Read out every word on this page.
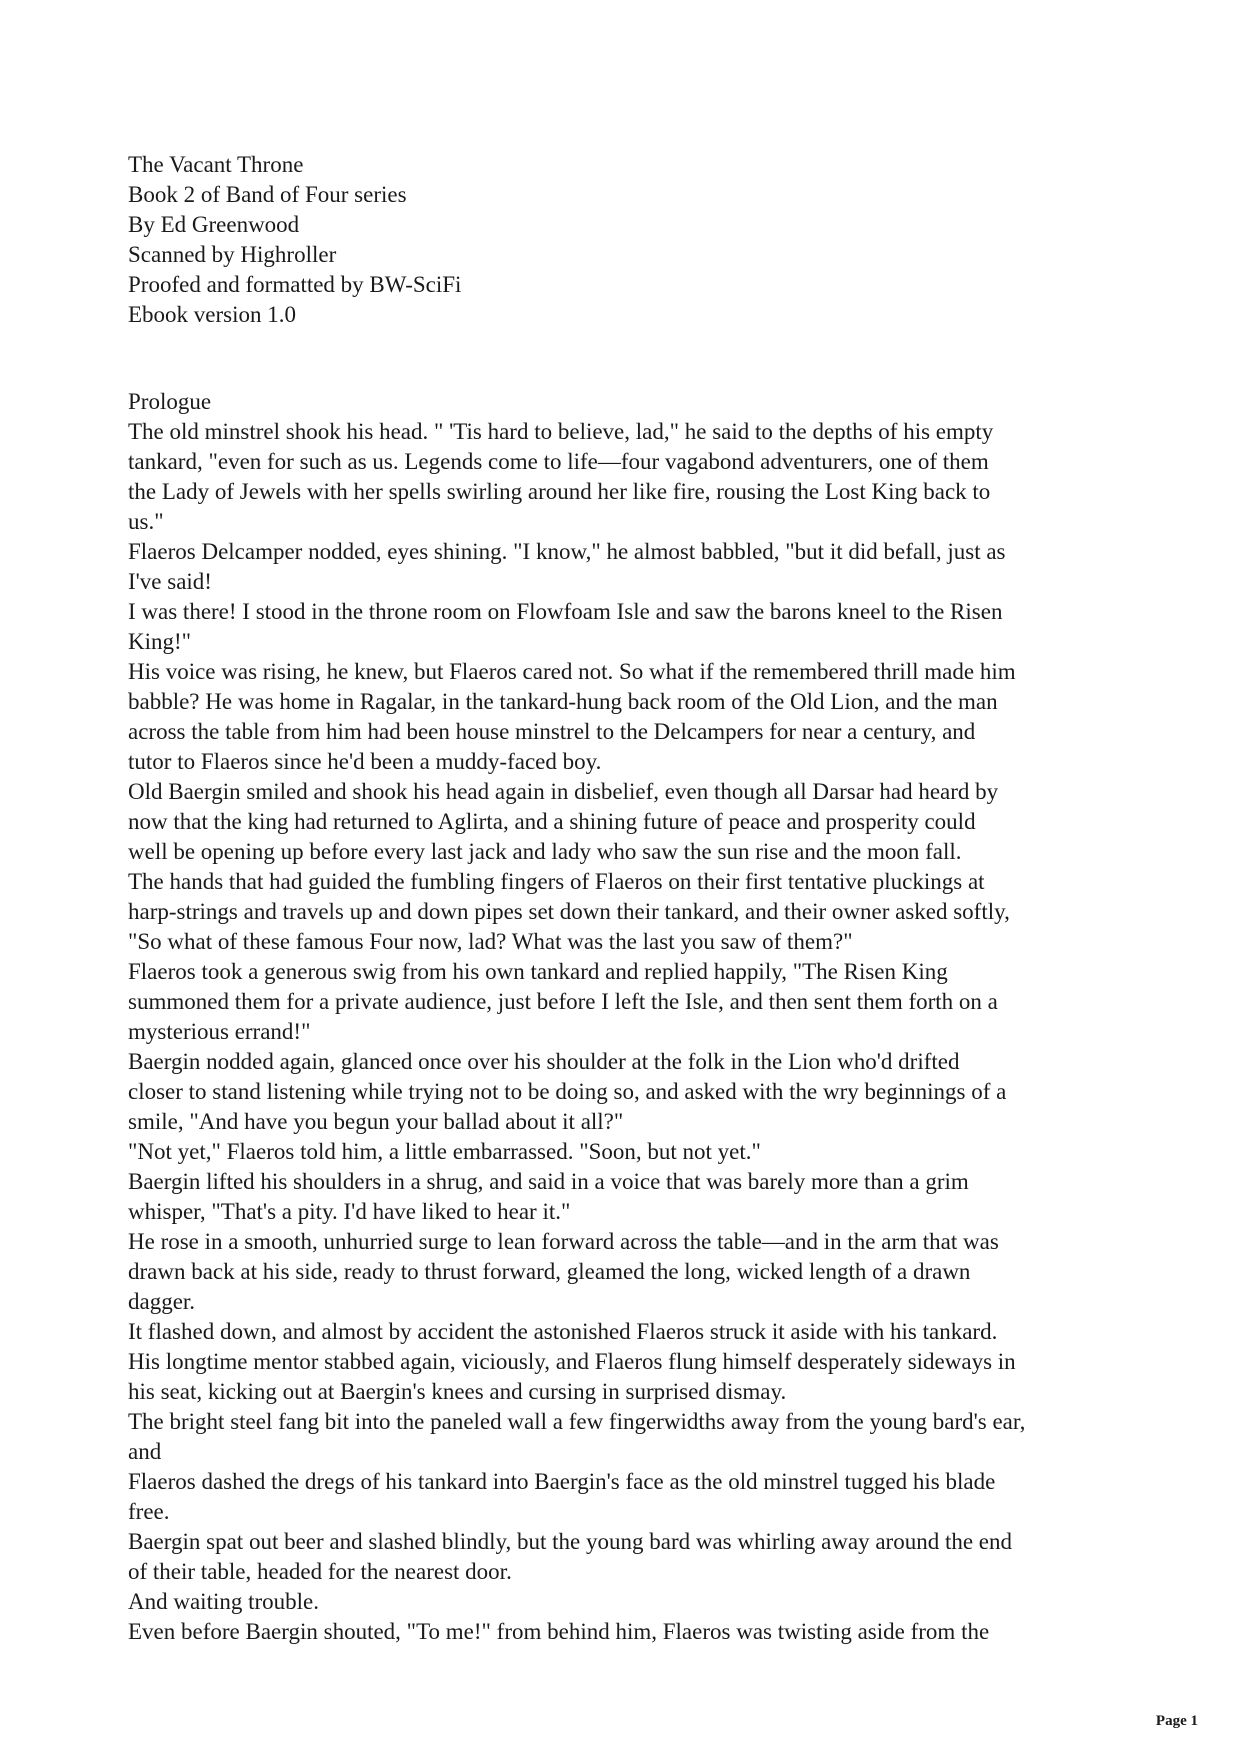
The Vacant Throne
Book 2 of Band of Four series
By Ed Greenwood
Scanned by Highroller
Proofed and formatted by BW-SciFi
Ebook version 1.0
Prologue
The old minstrel shook his head. " 'Tis hard to believe, lad," he said to the depths of his empty
tankard, "even for such as us. Legends come to life—four vagabond adventurers, one of them
the Lady of Jewels with her spells swirling around her like fire, rousing the Lost King back to
us."
Flaeros Delcamper nodded, eyes shining. "I know," he almost babbled, "but it did befall, just as
I've said!
I was there! I stood in the throne room on Flowfoam Isle and saw the barons kneel to the Risen
King!"
His voice was rising, he knew, but Flaeros cared not. So what if the remembered thrill made him
babble? He was home in Ragalar, in the tankard-hung back room of the Old Lion, and the man
across the table from him had been house minstrel to the Delcampers for near a century, and
tutor to Flaeros since he'd been a muddy-faced boy.
Old Baergin smiled and shook his head again in disbelief, even though all Darsar had heard by
now that the king had returned to Aglirta, and a shining future of peace and prosperity could
well be opening up before every last jack and lady who saw the sun rise and the moon fall.
The hands that had guided the fumbling fingers of Flaeros on their first tentative pluckings at
harp-strings and travels up and down pipes set down their tankard, and their owner asked softly,
"So what of these famous Four now, lad? What was the last you saw of them?"
Flaeros took a generous swig from his own tankard and replied happily, "The Risen King
summoned them for a private audience, just before I left the Isle, and then sent them forth on a
mysterious errand!"
Baergin nodded again, glanced once over his shoulder at the folk in the Lion who'd drifted
closer to stand listening while trying not to be doing so, and asked with the wry beginnings of a
smile, "And have you begun your ballad about it all?"
"Not yet," Flaeros told him, a little embarrassed. "Soon, but not yet."
Baergin lifted his shoulders in a shrug, and said in a voice that was barely more than a grim
whisper, "That's a pity. I'd have liked to hear it."
He rose in a smooth, unhurried surge to lean forward across the table—and in the arm that was
drawn back at his side, ready to thrust forward, gleamed the long, wicked length of a drawn
dagger.
It flashed down, and almost by accident the astonished Flaeros struck it aside with his tankard.
His longtime mentor stabbed again, viciously, and Flaeros flung himself desperately sideways in
his seat, kicking out at Baergin's knees and cursing in surprised dismay.
The bright steel fang bit into the paneled wall a few fingerwidths away from the young bard's ear,
and
Flaeros dashed the dregs of his tankard into Baergin's face as the old minstrel tugged his blade
free.
Baergin spat out beer and slashed blindly, but the young bard was whirling away around the end
of their table, headed for the nearest door.
And waiting trouble.
Even before Baergin shouted, "To me!" from behind him, Flaeros was twisting aside from the
Page 1
